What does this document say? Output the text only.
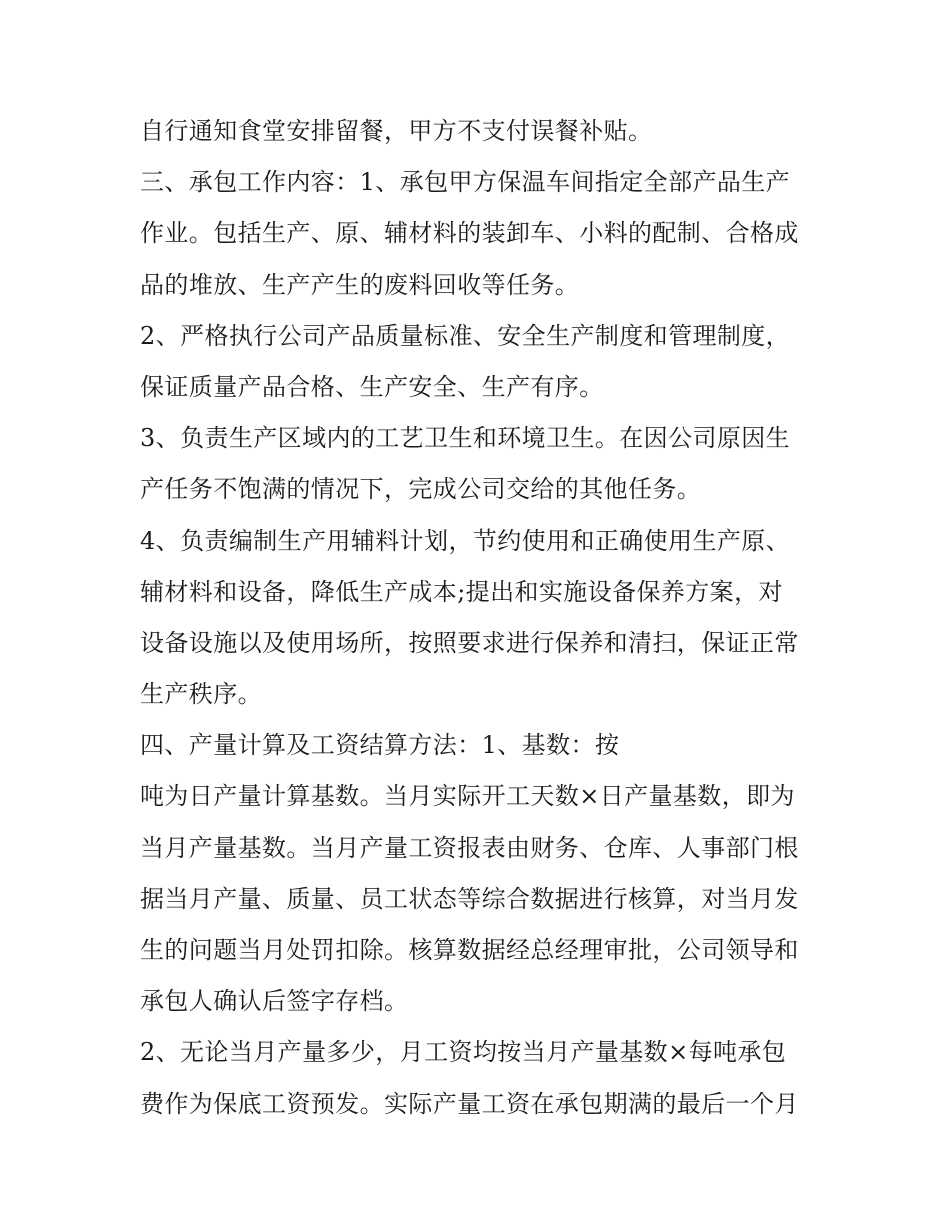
自行通知食堂安排留餐，甲方不支付误餐补贴。
三、承包工作内容：1、承包甲方保温车间指定全部产品生产
作业。包括生产、原、辅材料的装卸车、小料的配制、合格成
品的堆放、生产产生的废料回收等任务。
2、严格执行公司产品质量标准、安全生产制度和管理制度，
保证质量产品合格、生产安全、生产有序。
3、负责生产区域内的工艺卫生和环境卫生。在因公司原因生
产任务不饱满的情况下，完成公司交给的其他任务。
4、负责编制生产用辅料计划，节约使用和正确使用生产原、
辅材料和设备，降低生产成本;提出和实施设备保养方案，对
设备设施以及使用场所，按照要求进行保养和清扫，保证正常
生产秩序。
四、产量计算及工资结算方法：1、基数：按
吨为日产量计算基数。当月实际开工天数×日产量基数，即为
当月产量基数。当月产量工资报表由财务、仓库、人事部门根
据当月产量、质量、员工状态等综合数据进行核算，对当月发
生的问题当月处罚扣除。核算数据经总经理审批，公司领导和
承包人确认后签字存档。
2、无论当月产量多少，月工资均按当月产量基数×每吨承包
费作为保底工资预发。实际产量工资在承包期满的最后一个月
